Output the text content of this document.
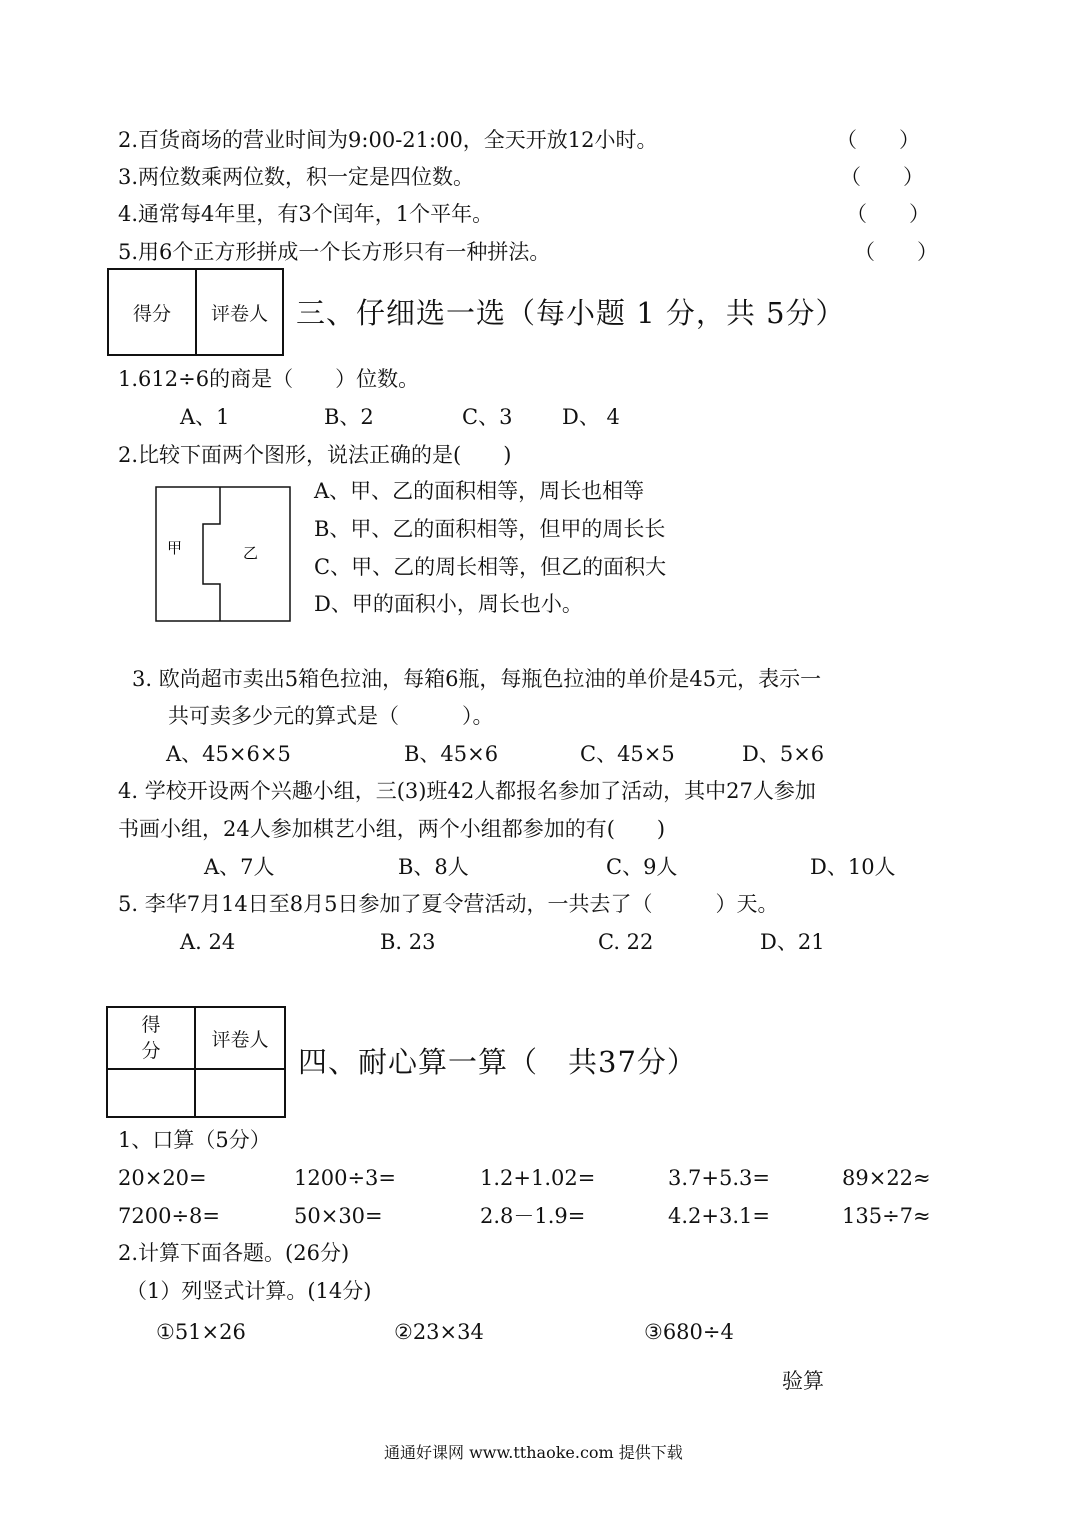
2.百货商场的营业时间为9:00-21:00，全天开放12小时。	（　　）
3.两位数乘两位数，积一定是四位数。	（　　）
4.通常每4年里，有3个闰年，1个平年。	（　　）
5.用6个正方形拼成一个长方形只有一种拼法。	（　　）
得分	评卷人 三、仔细选一选（每小题 1 分，共 5分）
1.612÷6的商是（　　）位数。
A、1	B、2	C、3 D、 4
2.比较下面两个图形，说法正确的是(　　)
甲	乙
A、甲、乙的面积相等，周长也相等
B、甲、乙的面积相等，但甲的周长长
C、甲、乙的周长相等，但乙的面积大
D、甲的面积小，周长也小。
3. 欧尚超市卖出5箱色拉油，每箱6瓶，每瓶色拉油的单价是45元，表示一
共可卖多少元的算式是（　　　）。
A、45×6×5	B、45×6	C、45×5	D、5×6
4. 学校开设两个兴趣小组，三(3)班42人都报名参加了活动，其中27人参加
书画小组，24人参加棋艺小组，两个小组都参加的有(　　)
A、7人	B、8人	C、9人	D、10人
5. 李华7月14日至8月5日参加了夏令营活动，一共去了（　　　）天。
A. 24	B. 23	C. 22	D、21
得
分	评卷人

四、耐心算一算（　共37分）
1、口算（5分）
20×20=	1200÷3=	1.2+1.02=	3.7+5.3=	89×22≈
7200÷8=	50×30=	2.8－1.9=	4.2+3.1=	135÷7≈
2.计算下面各题。(26分)
（1）列竖式计算。(14分)
①51×26	②23×34	③680÷4
验算
通通好课网 www.tthaoke.com 提供下载
